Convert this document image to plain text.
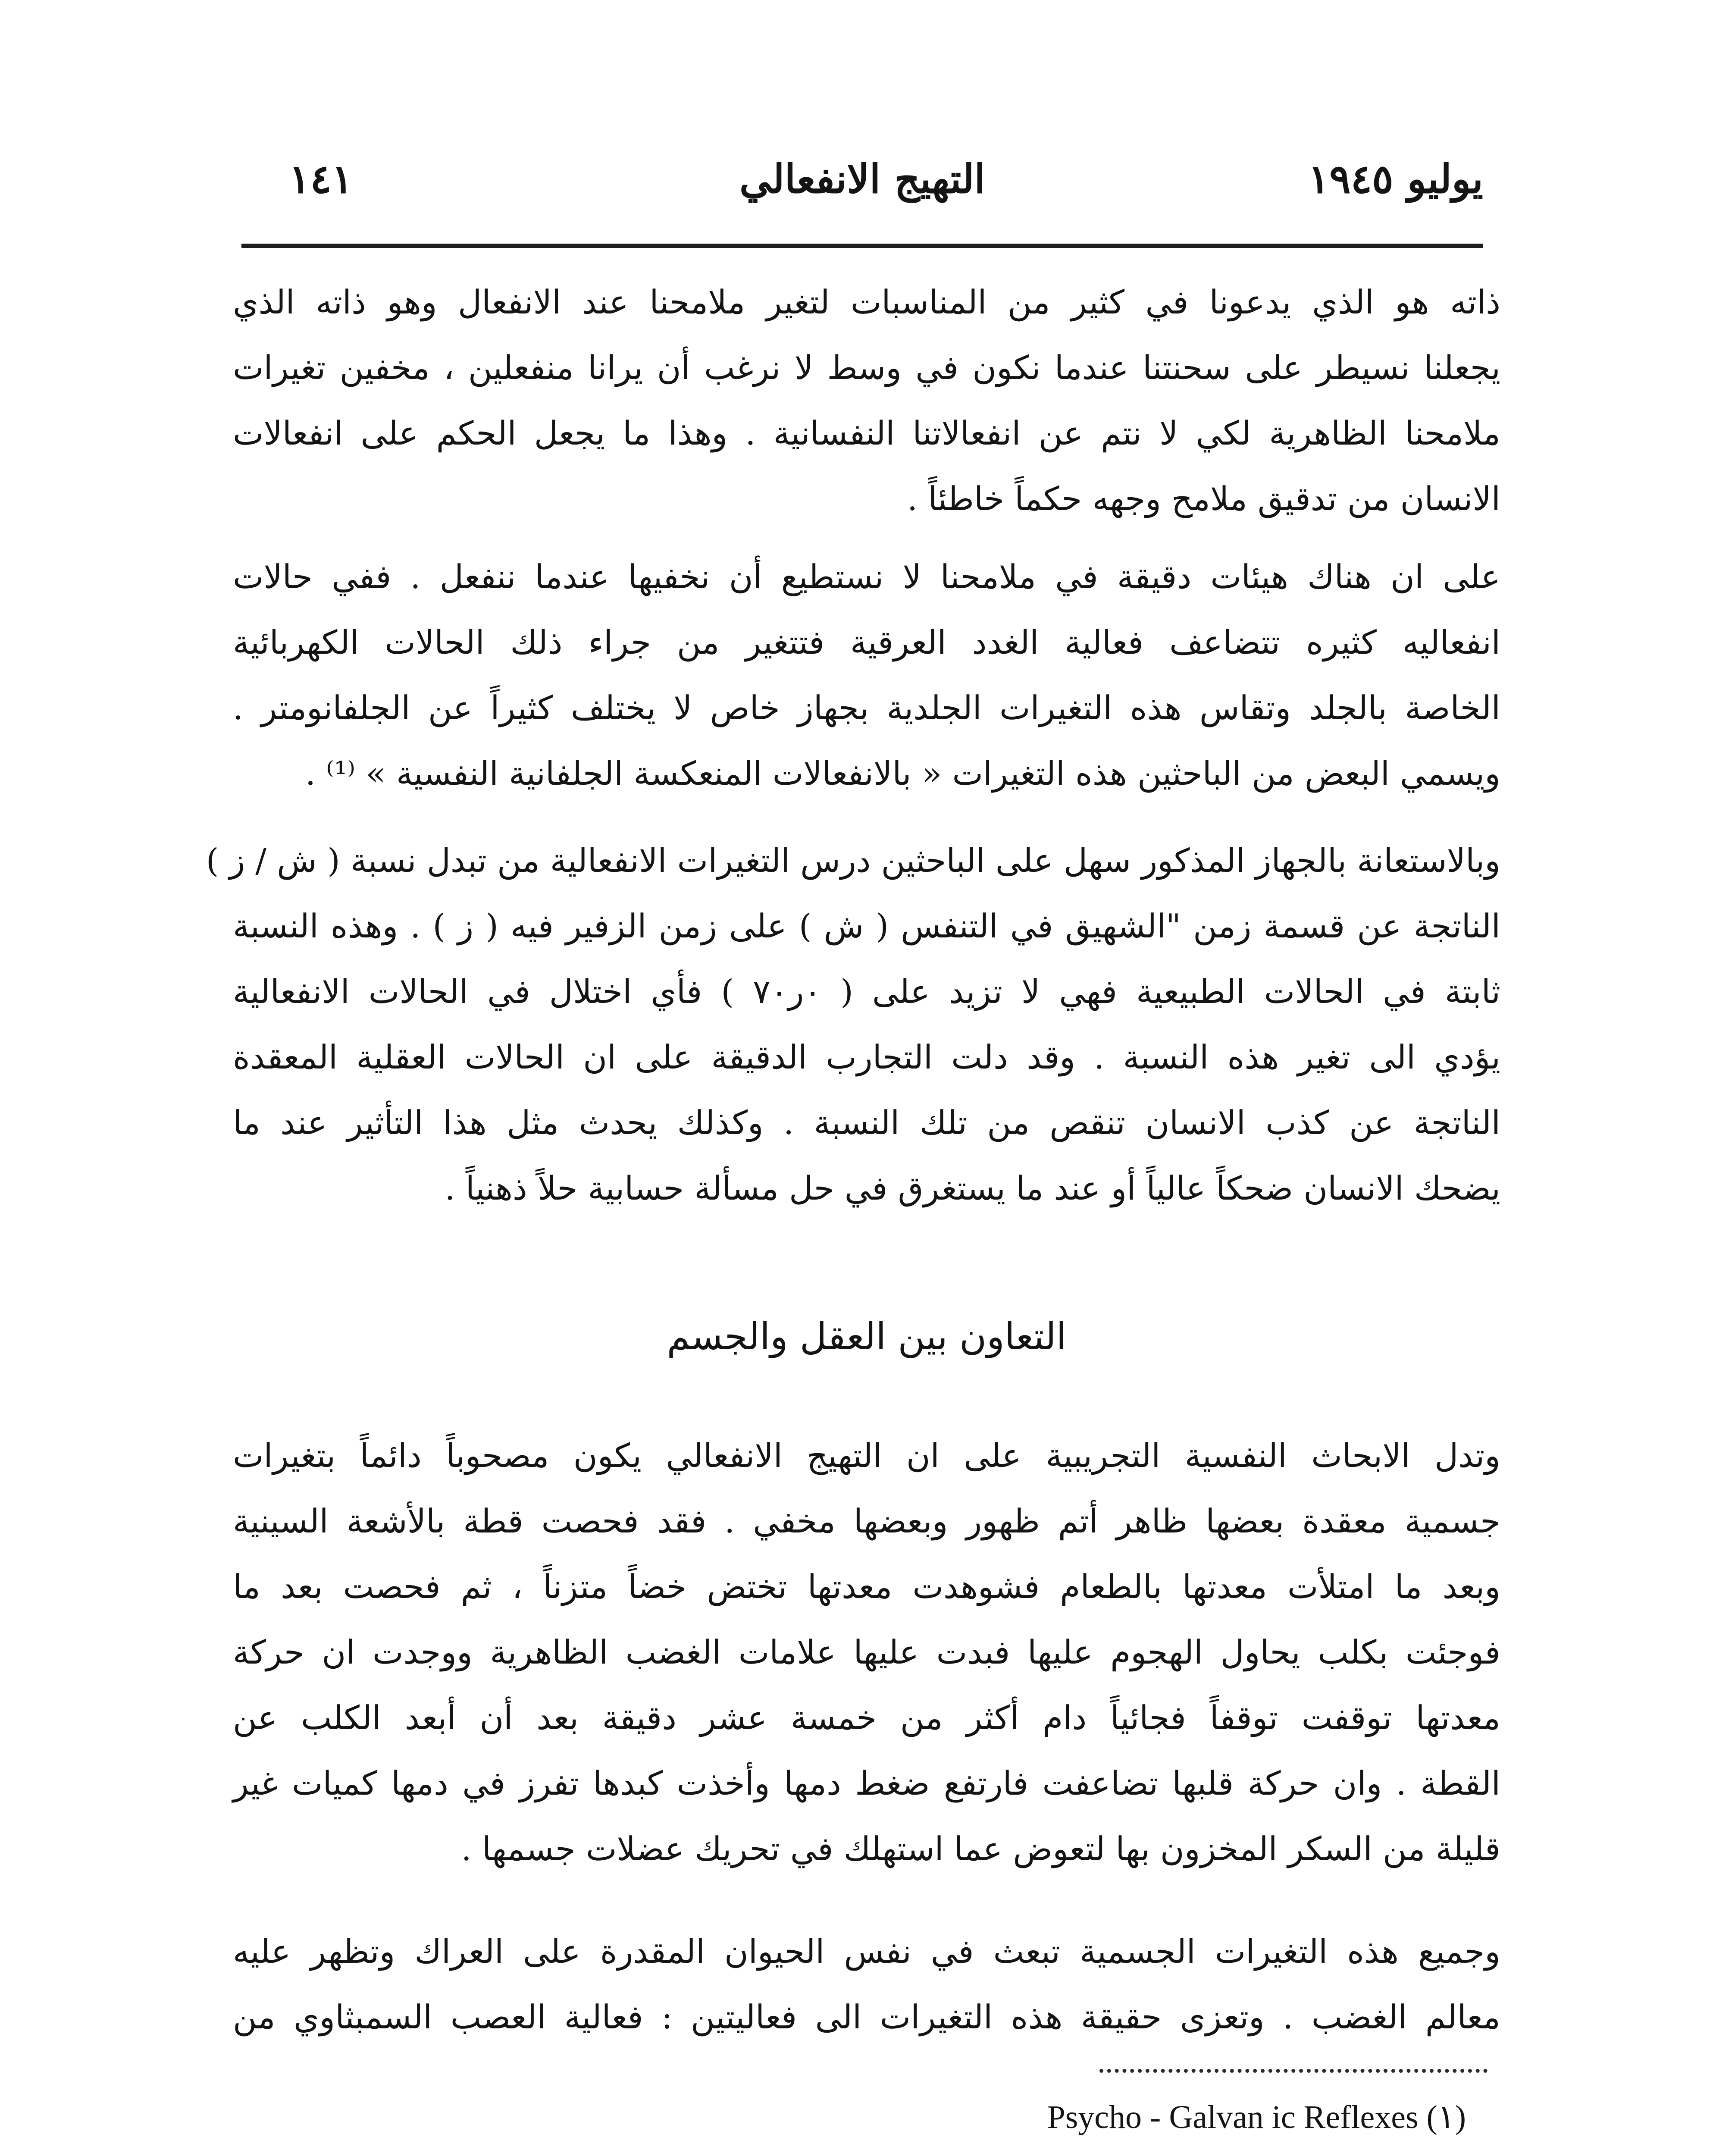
يوليو ١٩٤٥
التهيج الانفعالي
١٤١
ذاته هو الذي يدعونا في كثير من المناسبات لتغير ملامحنا عند الانفعال وهو ذاته الذي
يجعلنا نسيطر على سحنتنا عندما نكون في وسط لا نرغب أن يرانا منفعلين ، مخفين تغيرات
ملامحنا الظاهرية لكي لا نتم عن انفعالاتنا النفسانية . وهذا ما يجعل الحكم على انفعالات
الانسان من تدقيق ملامح وجهه حكماً خاطئاً .
على ان هناك هيئات دقيقة في ملامحنا لا نستطيع أن نخفيها عندما ننفعل . ففي حالات
انفعاليه كثيره تتضاعف فعالية الغدد العرقية فتتغير من جراء ذلك الحالات الكهربائية
الخاصة بالجلد وتقاس هذه التغيرات الجلدية بجهاز خاص لا يختلف كثيراً عن الجلفانومتر .
ويسمي البعض من الباحثين هذه التغيرات « بالانفعالات المنعكسة الجلفانية النفسية » ⁽¹⁾ .
وبالاستعانة بالجهاز المذكور سهل على الباحثين درس التغيرات الانفعالية من تبدل نسبة ( ش / ز )
الناتجة عن قسمة زمن "الشهيق في التنفس ( ش ) على زمن الزفير فيه ( ز ) . وهذه النسبة
ثابتة في الحالات الطبيعية فهي لا تزيد على ( ٠ر٧٠ ) فأي اختلال في الحالات الانفعالية
يؤدي الى تغير هذه النسبة . وقد دلت التجارب الدقيقة على ان الحالات العقلية المعقدة
الناتجة عن كذب الانسان تنقص من تلك النسبة . وكذلك يحدث مثل هذا التأثير عند ما
يضحك الانسان ضحكاً عالياً أو عند ما يستغرق في حل مسألة حسابية حلاً ذهنياً .
التعاون بين العقل والجسم
وتدل الابحاث النفسية التجريبية على ان التهيج الانفعالي يكون مصحوباً دائماً بتغيرات
جسمية معقدة بعضها ظاهر أتم ظهور وبعضها مخفي . فقد فحصت قطة بالأشعة السينية
وبعد ما امتلأت معدتها بالطعام فشوهدت معدتها تختض خضاً متزناً ، ثم فحصت بعد ما
فوجئت بكلب يحاول الهجوم عليها فبدت عليها علامات الغضب الظاهرية ووجدت ان حركة
معدتها توقفت توقفاً فجائياً دام أكثر من خمسة عشر دقيقة بعد أن أبعد الكلب عن
القطة . وان حركة قلبها تضاعفت فارتفع ضغط دمها وأخذت كبدها تفرز في دمها كميات غير
قليلة من السكر المخزون بها لتعوض عما استهلك في تحريك عضلات جسمها .
وجميع هذه التغيرات الجسمية تبعث في نفس الحيوان المقدرة على العراك وتظهر عليه
معالم الغضب . وتعزى حقيقة هذه التغيرات الى فعاليتين : فعالية العصب السمبثاوي من
Psycho - Galvan ic Reflexes (١)
